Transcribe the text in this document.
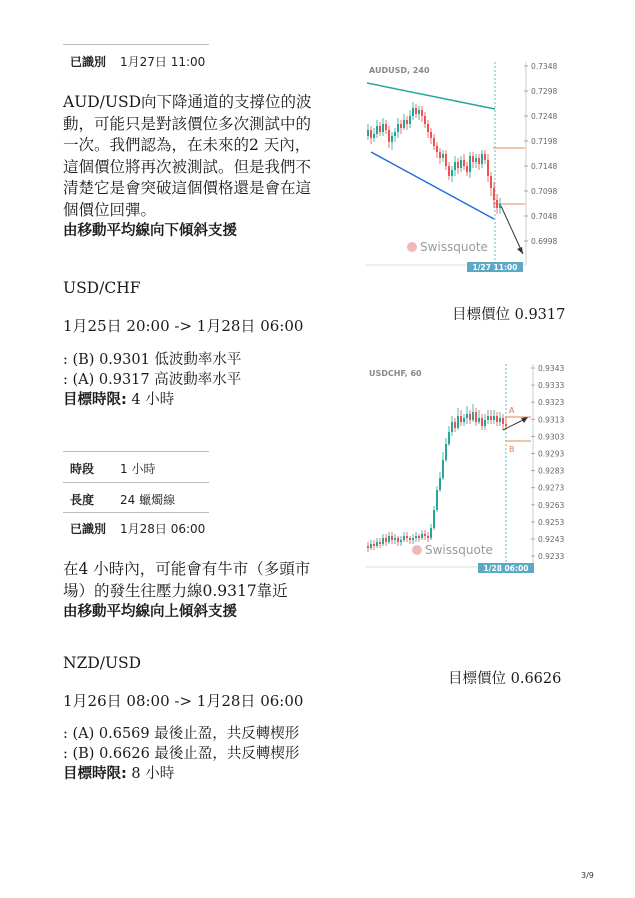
已識別 1月27日 11:00
AUD/USD向下降通道的支撐位的波
動，可能只是對該價位多次測試中的
一次。我們認為，在未來的2 天內，
這個價位將再次被測試。但是我們不
清楚它是會突破這個價格還是會在這
個價位回彈。
由移動平均線向下傾斜支援
AUDUSD, 240	0.7348
0.7298
0.7248
0.7198
0.7148
0.7098
0.7048
0.6998
Swissquote
1/27 11:00
USD/CHF
目標價位 0.9317
1月25日 20:00 -> 1月28日 06:00
: (B) 0.9301 低波動率水平
: (A) 0.9317 高波動率水平
目標時限: 4 小時
時段 1 小時
長度 24 蠟燭線
已識別 1月28日 06:00
在4 小時內，可能會有牛市（多頭市
場）的發生往壓力線0.9317靠近
由移動平均線向上傾斜支援
USDCHF, 60
0.9343
0.9333
0.9323
0.9313
0.9303
0.9293
0.9283
0.9273
0.9263
0.9253
0.9243
0.9233
A
B
Swissquote
1/28 06:00
NZD/USD
目標價位 0.6626
1月26日 08:00 -> 1月28日 06:00
: (A) 0.6569 最後止盈，共反轉楔形
: (B) 0.6626 最後止盈，共反轉楔形
目標時限: 8 小時
3/9
